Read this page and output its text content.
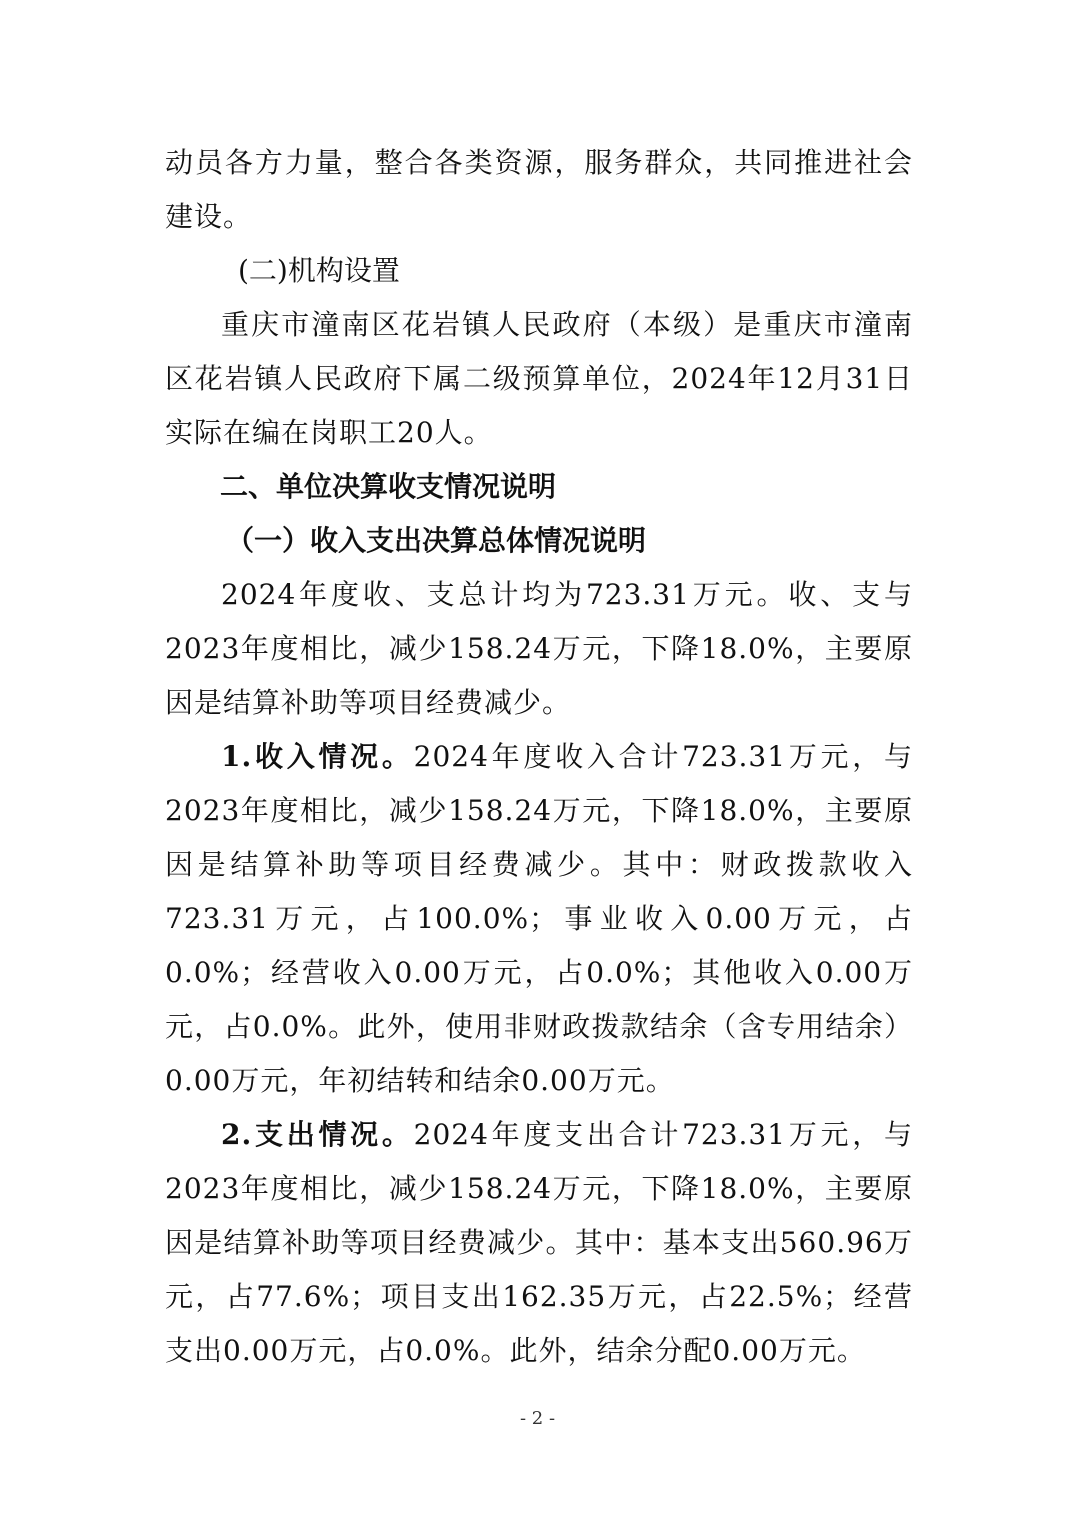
动员各方力量，整合各类资源，服务群众，共同推进社会建设。

(二)机构设置

重庆市潼南区花岩镇人民政府（本级）是重庆市潼南区花岩镇人民政府下属二级预算单位，2024年12月31日实际在编在岗职工20人。

二、单位决算收支情况说明

（一）收入支出决算总体情况说明

2024年度收、支总计均为723.31万元。收、支与2023年度相比，减少158.24万元，下降18.0%，主要原因是结算补助等项目经费减少。

1.收入情况。2024年度收入合计723.31万元，与2023年度相比，减少158.24万元，下降18.0%，主要原因是结算补助等项目经费减少。其中：财政拨款收入723.31万元，占100.0%；事业收入0.00万元，占0.0%；经营收入0.00万元，占0.0%；其他收入0.00万元，占0.0%。此外，使用非财政拨款结余（含专用结余）0.00万元，年初结转和结余0.00万元。

2.支出情况。2024年度支出合计723.31万元，与2023年度相比，减少158.24万元，下降18.0%，主要原因是结算补助等项目经费减少。其中：基本支出560.96万元，占77.6%；项目支出162.35万元，占22.5%；经营支出0.00万元，占0.0%。此外，结余分配0.00万元。

- 2 -
